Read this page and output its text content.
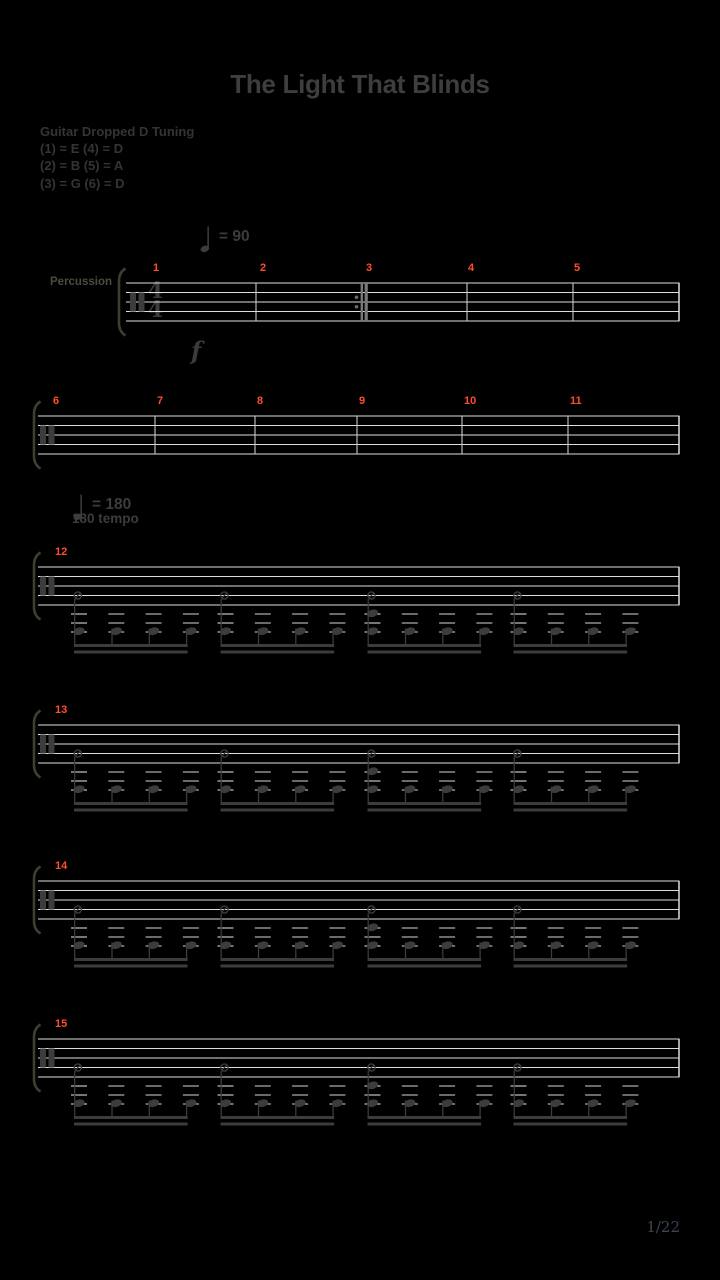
The Light That Blinds
Guitar Dropped D Tuning
(1) = E (4) = D
(2) = B (5) = A
(3) = G (6) = D
= 90
= 180
180 tempo
f
Percussion
1/22
1	2	3	4	5
6	7	8	9	10	11
12
13
14
15
